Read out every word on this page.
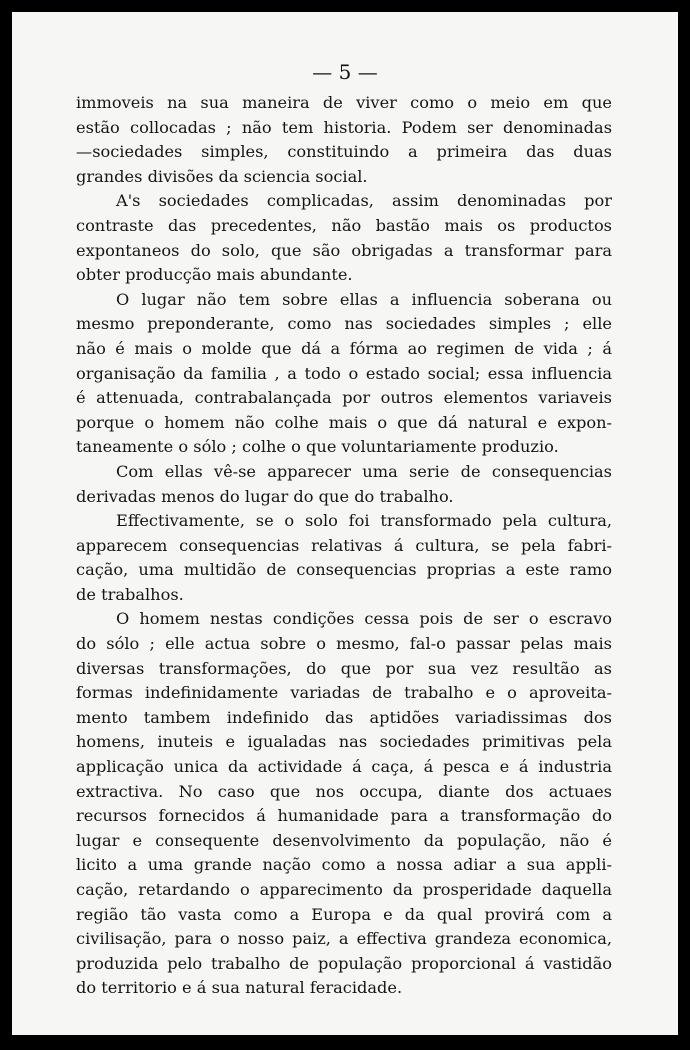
— 5 —
immoveis na sua maneira de viver como o meio em que
estão collocadas ; não tem historia. Podem ser denominadas
—sociedades simples, constituindo a primeira das duas
grandes divisões da sciencia social.
A's sociedades complicadas, assim denominadas por
contraste das precedentes, não bastão mais os productos
expontaneos do solo, que são obrigadas a transformar para
obter producção mais abundante.
O lugar não tem sobre ellas a influencia soberana ou
mesmo preponderante, como nas sociedades simples ; elle
não é mais o molde que dá a fórma ao regimen de vida ; á
organisação da familia , a todo o estado social; essa influencia
é attenuada, contrabalançada por outros elementos variaveis
porque o homem não colhe mais o que dá natural e expon-
taneamente o sólo ; colhe o que voluntariamente produzio.
Com ellas vê-se apparecer uma serie de consequencias
derivadas menos do lugar do que do trabalho.
Effectivamente, se o solo foi transformado pela cultura,
apparecem consequencias relativas á cultura, se pela fabri-
cação, uma multidão de consequencias proprias a este ramo
de trabalhos.
O homem nestas condições cessa pois de ser o escravo
do sólo ; elle actua sobre o mesmo, fal-o passar pelas mais
diversas transformações, do que por sua vez resultão as
formas indefinidamente variadas de trabalho e o aproveita-
mento tambem indefinido das aptidões variadissimas dos
homens, inuteis e igualadas nas sociedades primitivas pela
applicação unica da actividade á caça, á pesca e á industria
extractiva. No caso que nos occupa, diante dos actuaes
recursos fornecidos á humanidade para a transformação do
lugar e consequente desenvolvimento da população, não é
licito a uma grande nação como a nossa adiar a sua appli-
cação, retardando o apparecimento da prosperidade daquella
região tão vasta como a Europa e da qual provirá com a
civilisação, para o nosso paiz, a effectiva grandeza economica,
produzida pelo trabalho de população proporcional á vastidão
do territorio e á sua natural feracidade.
